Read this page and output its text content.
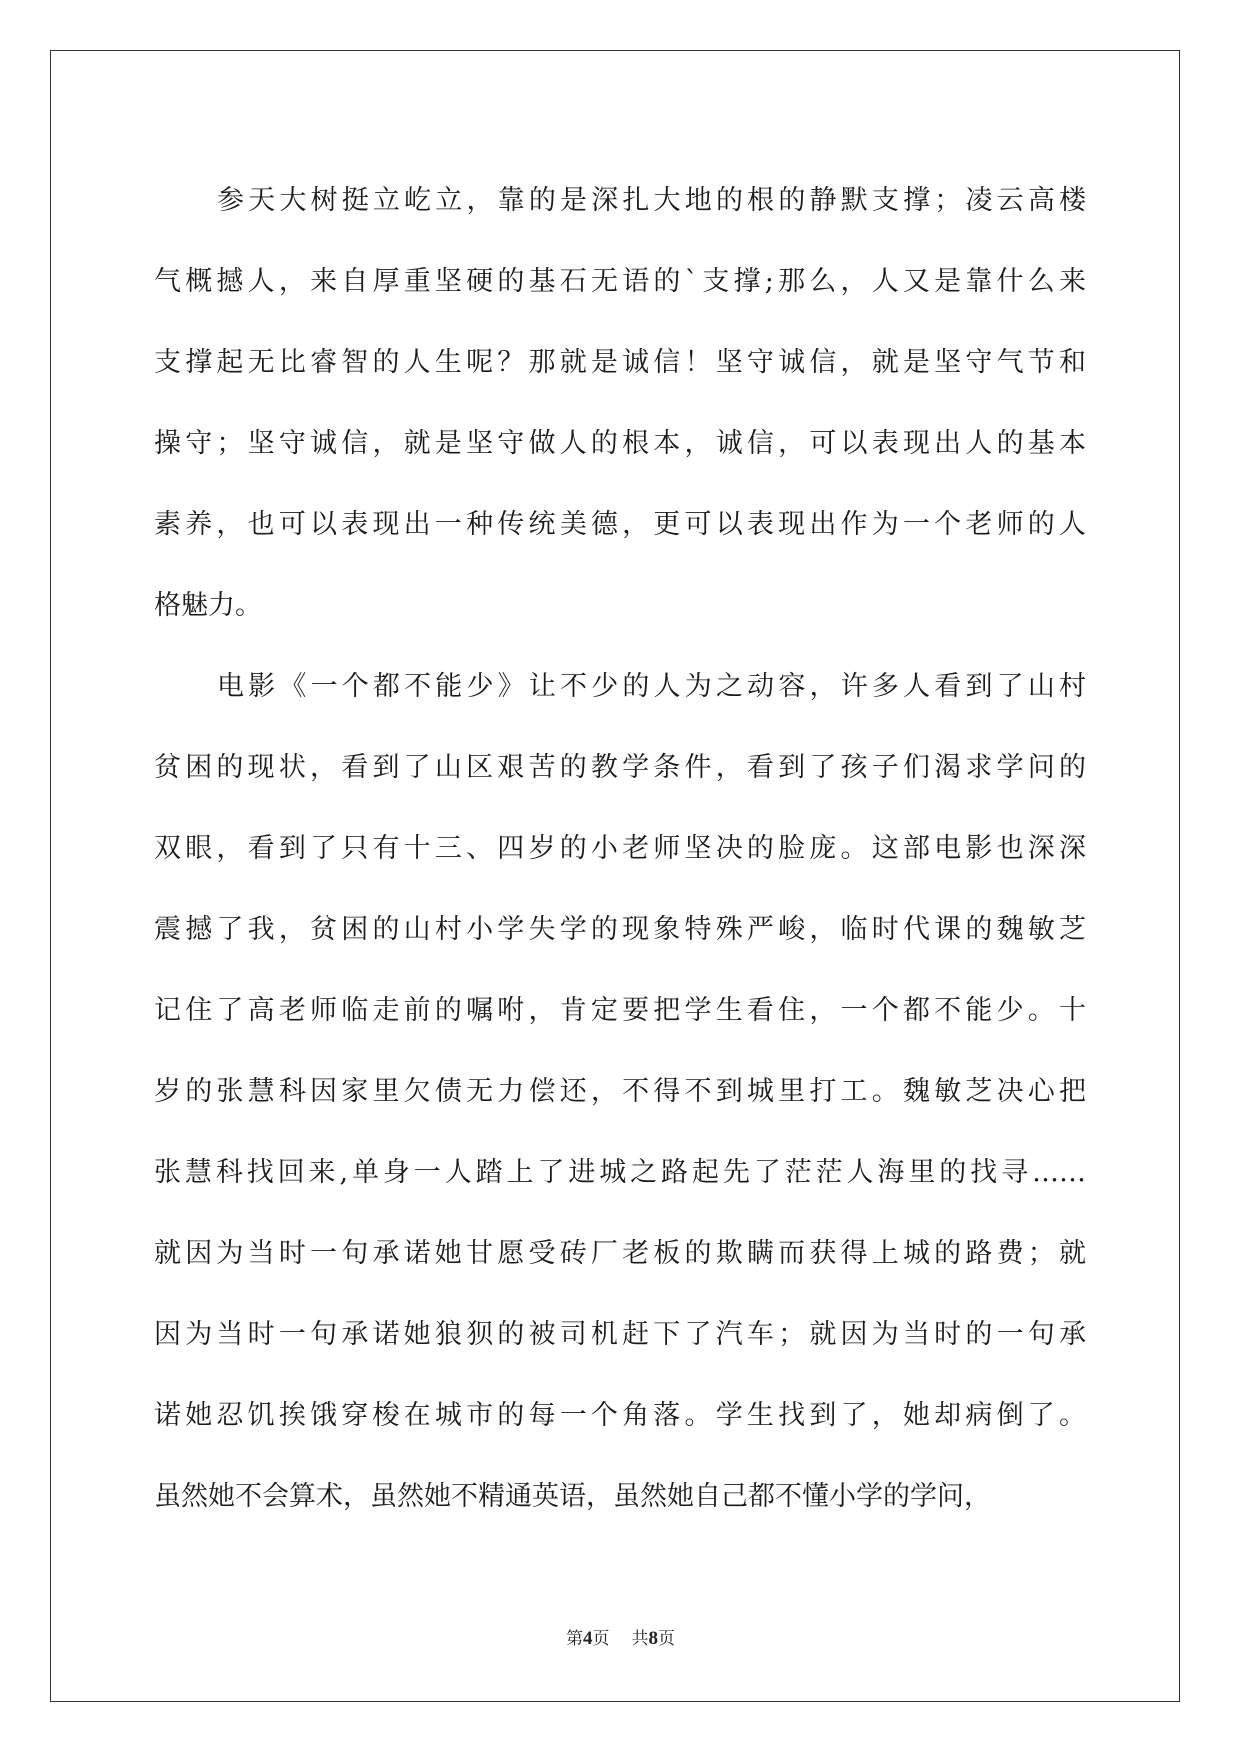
参天大树挺立屹立，靠的是深扎大地的根的静默支撑；凌云高楼
气概撼人，来自厚重坚硬的基石无语的`支撑;那么，人又是靠什么来
支撑起无比睿智的人生呢？那就是诚信！坚守诚信，就是坚守气节和
操守；坚守诚信，就是坚守做人的根本，诚信，可以表现出人的基本
素养，也可以表现出一种传统美德，更可以表现出作为一个老师的人
格魅力。

电影《一个都不能少》让不少的人为之动容，许多人看到了山村
贫困的现状，看到了山区艰苦的教学条件，看到了孩子们渴求学问的
双眼，看到了只有十三、四岁的小老师坚决的脸庞。这部电影也深深
震撼了我，贫困的山村小学失学的现象特殊严峻，临时代课的魏敏芝
记住了高老师临走前的嘱咐，肯定要把学生看住，一个都不能少。十
岁的张慧科因家里欠债无力偿还，不得不到城里打工。魏敏芝决心把
张慧科找回来,单身一人踏上了进城之路起先了茫茫人海里的找寻……
就因为当时一句承诺她甘愿受砖厂老板的欺瞒而获得上城的路费；就
因为当时一句承诺她狼狈的被司机赶下了汽车；就因为当时的一句承
诺她忍饥挨饿穿梭在城市的每一个角落。学生找到了，她却病倒了。
虽然她不会算术，虽然她不精通英语，虽然她自己都不懂小学的学问，

第4页 共8页
